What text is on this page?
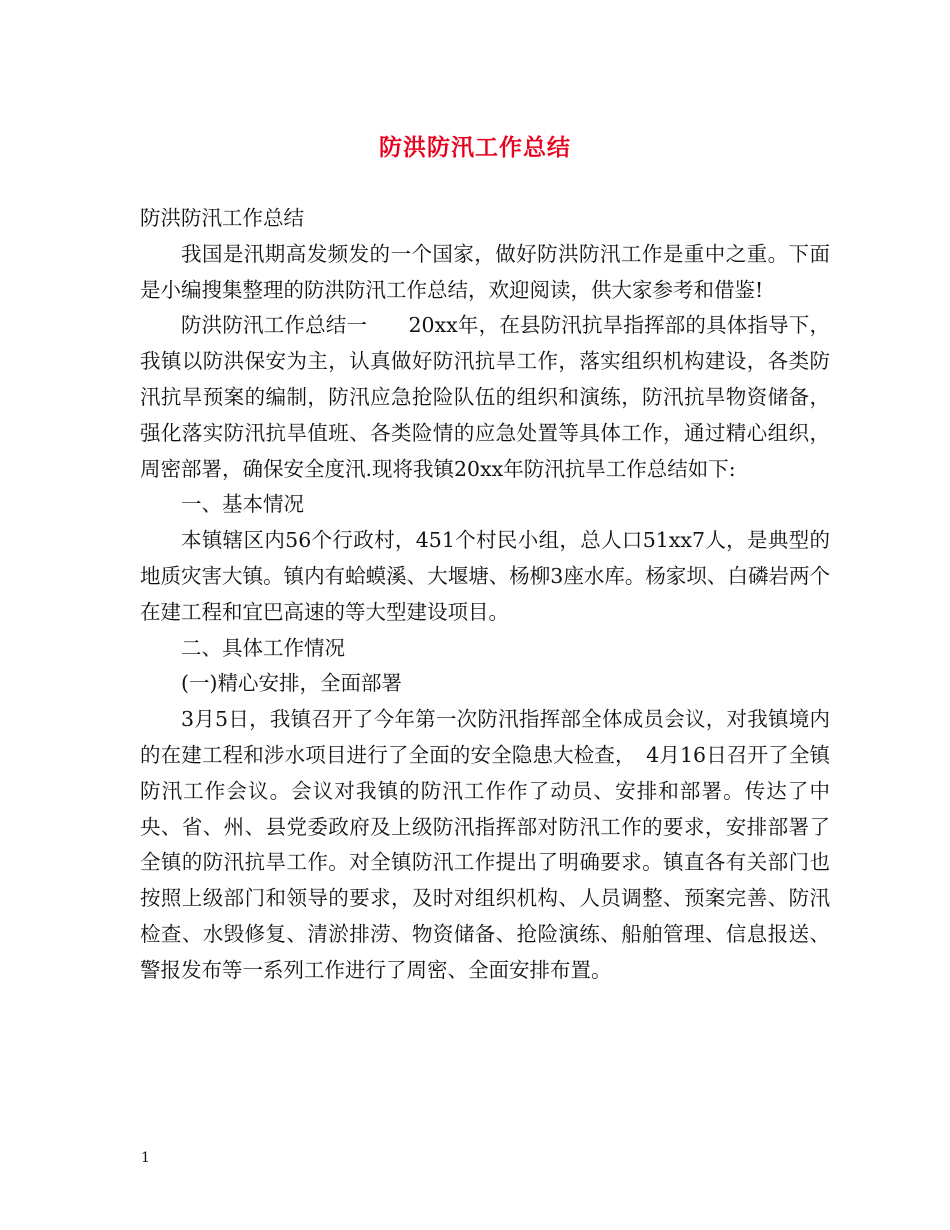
防洪防汛工作总结

防洪防汛工作总结

我国是汛期高发频发的一个国家，做好防洪防汛工作是重中之重。下面是小编搜集整理的防洪防汛工作总结，欢迎阅读，供大家参考和借鉴!

防洪防汛工作总结一　　20xx年，在县防汛抗旱指挥部的具体指导下，我镇以防洪保安为主，认真做好防汛抗旱工作，落实组织机构建设，各类防汛抗旱预案的编制，防汛应急抢险队伍的组织和演练，防汛抗旱物资储备，强化落实防汛抗旱值班、各类险情的应急处置等具体工作，通过精心组织，周密部署，确保安全度汛.现将我镇20xx年防汛抗旱工作总结如下:

一、基本情况

本镇辖区内56个行政村，451个村民小组，总人口51xx7人，是典型的地质灾害大镇。镇内有蛤蟆溪、大堰塘、杨柳3座水库。杨家坝、白磷岩两个在建工程和宜巴高速的等大型建设项目。

二、具体工作情况

(一)精心安排，全面部署

3月5日，我镇召开了今年第一次防汛指挥部全体成员会议，对我镇境内的在建工程和涉水项目进行了全面的安全隐患大检查，　4月16日召开了全镇防汛工作会议。会议对我镇的防汛工作作了动员、安排和部署。传达了中央、省、州、县党委政府及上级防汛指挥部对防汛工作的要求，安排部署了全镇的防汛抗旱工作。对全镇防汛工作提出了明确要求。镇直各有关部门也按照上级部门和领导的要求，及时对组织机构、人员调整、预案完善、防汛检查、水毁修复、清淤排涝、物资储备、抢险演练、船舶管理、信息报送、警报发布等一系列工作进行了周密、全面安排布置。

1
